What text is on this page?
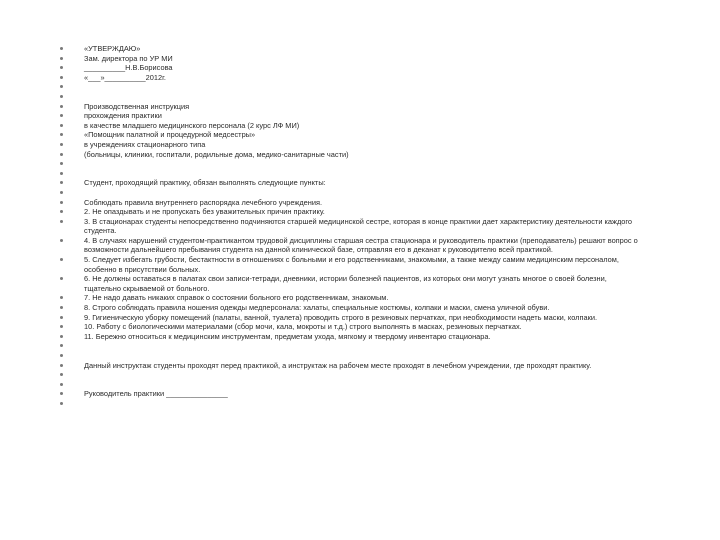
«УТВЕРЖДАЮ»
Зам. директора по УР МИ
__________Н.В.Борисова
«___»__________2012г.
Производственная инструкция
прохождения практики
в качестве младшего медицинского персонала (2 курс ЛФ МИ)
«Помощник палатной и процедурной медсестры»
в учреждениях стационарного типа
(больницы, клиники, госпитали, родильные дома, медико-санитарные части)
Студент, проходящий практику, обязан выполнять следующие пункты:
Соблюдать правила внутреннего распорядка лечебного учреждения.
2. Не опаздывать и не пропускать без уважительных причин практику.
3. В стационарах студенты непосредственно подчиняются старшей медицинской сестре, которая в конце практики дает характеристику деятельности каждого студента.
4. В случаях нарушений студентом-практикантом трудовой дисциплины старшая сестра стационара и руководитель практики (преподаватель) решают вопрос о возможности дальнейшего пребывания студента на данной клинической базе, отправляя его в деканат к руководителю всей практикой.
5. Следует избегать грубости, бестактности в отношениях с больными и его родственниками, знакомыми, а также между самим медицинским персоналом, особенно в присутствии больных.
6. Не должны оставаться в палатах свои записи-тетради, дневники, истории болезней пациентов, из которых они могут узнать многое о своей болезни, тщательно скрываемой от больного.
7. Не надо давать никаких справок о состоянии больного его родственникам, знакомым.
8. Строго соблюдать правила ношения одежды медперсонала: халаты, специальные костюмы, колпаки и маски, смена уличной обуви.
9. Гигиеническую уборку помещений (палаты, ванной, туалета) проводить строго в резиновых перчатках, при необходимости надеть маски, колпаки.
10. Работу с биологическими материалами (сбор мочи, кала, мокроты и т.д.) строго выполнять в масках, резиновых перчатках.
11. Бережно относиться к медицинским инструментам, предметам ухода, мягкому и твердому инвентарю стационара.
Данный инструктаж студенты проходят перед практикой, а инструктаж на рабочем месте проходят в лечебном учреждении, где проходят практику.
Руководитель практики _______________
